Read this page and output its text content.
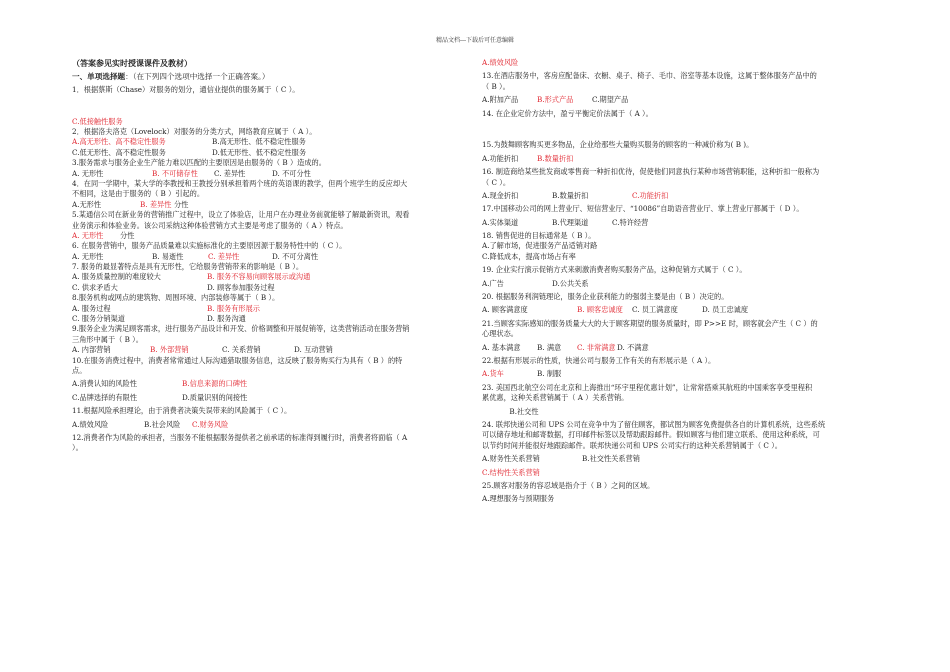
精品文档---下载后可任意编辑
（答案参见实时授课课件及教材）
一、单项选择题：（在下列四个选项中选择一个正确答案。）
1．根据蔡斯（Chase）对服务的划分，通信业提供的服务属于（ C ）。
C.低接触性服务
2．根据洛夫洛克（Lovelock）对服务的分类方式，网络教育应属于（ A ）。
A.高无形性、高不稳定性服务	B.高无形性、低不稳定性服务
C.低无形性、高不稳定性服务	D.低无形性、低不稳定性服务
3.服务需求与服务企业生产能力难以匹配的主要原因是由服务的（ B ）造成的。
A. 无形性	B. 不可储存性 C. 差异性	D. 不可分性
4．在同一学期中，某大学的李教授和王教授分别承担着两个班的英语课的教学，但两个班学生的反应却大
不相同，这是由于服务的（ B ）引起的。
A.无形性	B. 差异性 分性
5.某通信公司在新业务的营销推广过程中，设立了体验店，让用户在办理业务前就能够了解最新资讯，观看
业务演示和体验业务。该公司采纳这种体验营销方式主要是考虑了服务的（ A ）特点。
A. 无形性 分性
6. 在服务营销中，服务产品质量难以实施标准化的主要原因源于服务特性中的（ C ）。
A. 无形性	B. 易逝性	C. 差异性	D. 不可分离性
7. 服务的最显著特点是具有无形性，它给服务营销带来的影响是（ B ）。
A. 服务质量控制的难度较大	B. 服务不容易向顾客展示或沟通
C. 供求矛盾大	D. 顾客参加服务过程
8.服务机构或网点的建筑物、周围环境、内部装修等属于（ B ）。
A. 服务过程	B. 服务有形展示
C. 服务分销渠道	D. 服务沟通
9.服务企业为满足顾客需求，进行服务产品设计和开发、价格调整和开展促销等，这类营销活动在服务营销
三角形中属于（ B ）。
A. 内部营销	B. 外部营销	C. 关系营销	D. 互动营销
10.在服务消费过程中，消费者常常通过人际沟通猎取服务信息，这反映了服务购买行为具有（ B ）的特
点。
A.消费认知的风险性	B.信息来源的口碑性
C.品牌选择的有限性	D.质量识别的间接性
11.根据风险承担理论，由于消费者决策失误带来的风险属于（ C ）。
A.绩效风险	B.社会风险 C.财务风险
12.消费者作为风险的承担者，当服务不能根据服务提供者之前承诺的标准得到履行时，消费者将面临（ A
）。
A.绩效风险
13.在酒店服务中，客房应配备床、衣橱、桌子、椅子、毛巾、浴室等基本设施，这属于整体服务产品中的
（ B ）。
A.附加产品	B.形式产品	C.期望产品
14. 在企业定价方法中，盈亏平衡定价法属于（ A ）。
15.为鼓舞顾客购买更多物品，企业给那些大量购买服务的顾客的一种减价称为( B )。
A.功能折扣	B.数量折扣
16. 制造商给某些批发商或零售商一种折扣优待，促使他们同意执行某种市场营销职能，这种折扣一般称为
（ C ）。
A.现金折扣	B.数量折扣	C.功能折扣
17.中国移动公司的网上营业厅、短信营业厅、“10086”自助语音营业厅、掌上营业厅都属于（ D ）。
A.实体渠道	B.代理渠道	C.特许经营
18. 销售促进的目标通常是（ B ）。
A.了解市场，促进服务产品适销对路
C.降低成本，提高市场占有率
19. 企业实行演示促销方式来刺激消费者购买服务产品，这种促销方式属于（ C ）。
A.广告	D.公共关系
20. 根据服务利润链理论，服务企业获利能力的强弱主要是由（ B ）决定的。
A. 顾客满意度	B. 顾客忠诚度 C. 员工满意度	D. 员工忠诚度
21.当顾客实际感知的服务质量大大的大于顾客期望的服务质量时，即 P>>E 时，顾客就会产生（ C ）的
心理状态。
A. 基本满意 B. 满意 C. 非常满意D. 不满意
22.根据有形展示的性质，快递公司与服务工作有关的有形展示是（ A ）。
A.货车	B. 制服
23. 美国西北航空公司在北京和上海推出“环宇里程优惠计划”，让常常搭乘其航班的中国乘客享受里程积
累优惠，这种关系营销属于（ A ）关系营销。
B.社交性
24. 联邦快递公司和 UPS 公司在竞争中为了留住顾客，都试图为顾客免费提供各自的计算机系统，这些系统
可以储存地址和邮寄数据，打印邮件标签以及帮助跟踪邮件。假如顾客与他们建立联系、使用这种系统，可
以节约时间并能很好地跟踪邮件。联邦快递公司和 UPS 公司实行的这种关系营销属于（ C ）。
A.财务性关系营销	B.社交性关系营销
C.结构性关系营销
25.顾客对服务的容忍域是指介于（ B ）之间的区域。
A.理想服务与预期服务
